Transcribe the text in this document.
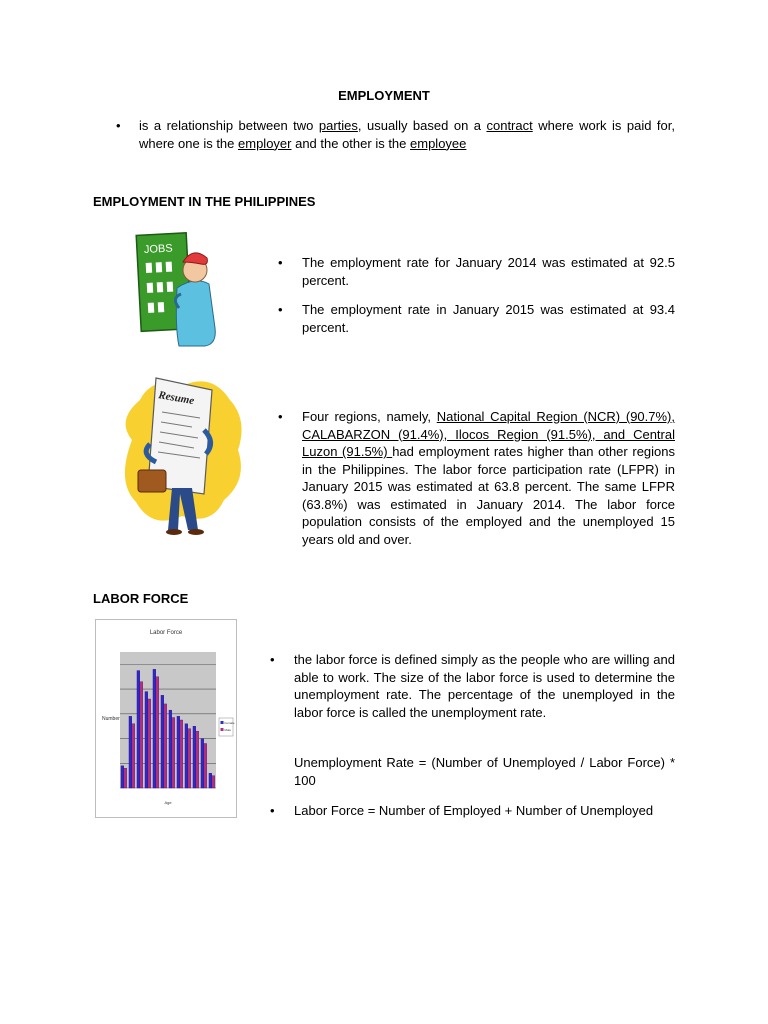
EMPLOYMENT
• is a relationship between two parties, usually based on a contract where work is paid for, where one is the employer and the other is the employee
EMPLOYMENT IN THE PHILIPPINES
JOBS
• The employment rate for January 2014 was estimated at 92.5 percent.
• The employment rate in January 2015 was estimated at 93.4 percent.
Resume
• Four regions, namely, National Capital Region (NCR) (90.7%), CALABARZON (91.4%), Ilocos Region (91.5%), and Central Luzon (91.5%) had employment rates higher than other regions in the Philippines. The labor force participation rate (LFPR) in January 2015 was estimated at 63.8 percent. The same LFPR (63.8%) was estimated in January 2014. The labor force population consists of the employed and the unemployed 15 years old and over.
LABOR FORCE
Labor Force
Number
Age
Female
Male
• the labor force is defined simply as the people who are willing and able to work. The size of the labor force is used to determine the unemployment rate. The percentage of the unemployed in the labor force is called the unemployment rate.
Unemployment Rate = (Number of Unemployed / Labor Force) * 100
• Labor Force = Number of Employed + Number of Unemployed
